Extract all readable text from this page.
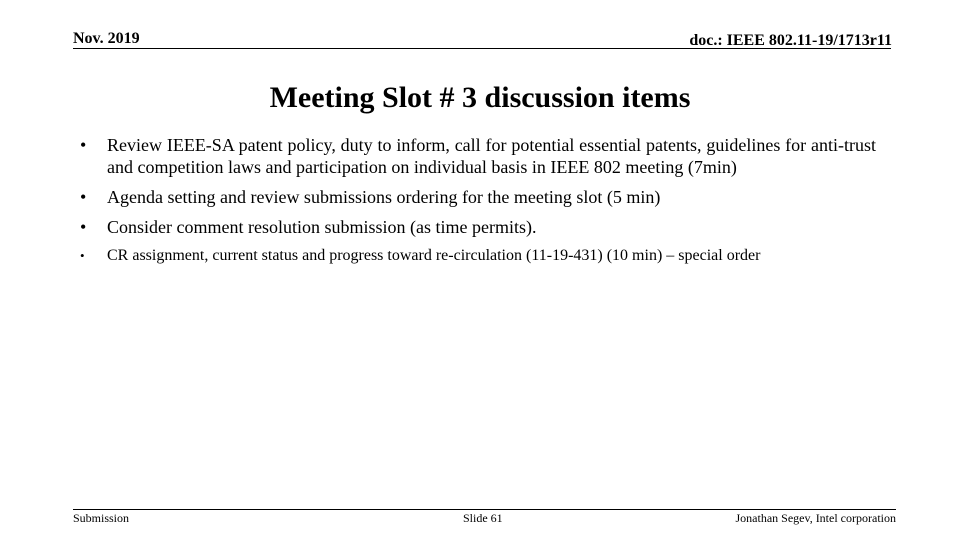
Nov. 2019	doc.: IEEE 802.11-19/1713r11
Meeting Slot # 3 discussion items
•	Review IEEE-SA patent policy, duty to inform, call for potential essential patents, guidelines for anti-trust and competition laws and participation on individual basis in IEEE 802 meeting (7min)
•	Agenda setting and review submissions ordering for the meeting slot (5 min)
•	Consider comment resolution submission (as time permits).
•	CR assignment, current status and progress toward re-circulation (11-19-431) (10 min) – special order
Submission	Slide 61	Jonathan Segev, Intel corporation
